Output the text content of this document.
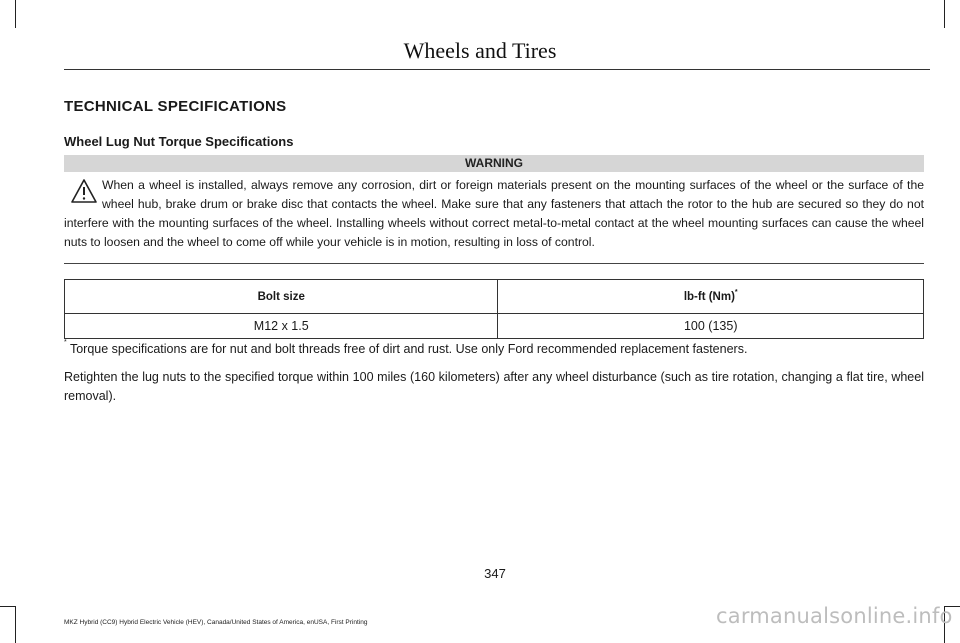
Wheels and Tires
TECHNICAL SPECIFICATIONS
Wheel Lug Nut Torque Specifications
WARNING
When a wheel is installed, always remove any corrosion, dirt or foreign materials present on the mounting surfaces of the wheel or the surface of the wheel hub, brake drum or brake disc that contacts the wheel. Make sure that any fasteners that attach the rotor to the hub are secured so they do not interfere with the mounting surfaces of the wheel. Installing wheels without correct metal-to-metal contact at the wheel mounting surfaces can cause the wheel nuts to loosen and the wheel to come off while your vehicle is in motion, resulting in loss of control.
Bolt size	lb-ft (Nm)*
M12 x 1.5	100 (135)
* Torque specifications are for nut and bolt threads free of dirt and rust. Use only Ford recommended replacement fasteners.
Retighten the lug nuts to the specified torque within 100 miles (160 kilometers) after any wheel disturbance (such as tire rotation, changing a flat tire, wheel removal).
347
MKZ Hybrid (CC9) Hybrid Electric Vehicle (HEV), Canada/United States of America, enUSA, First Printing	carmanualsonline.info
